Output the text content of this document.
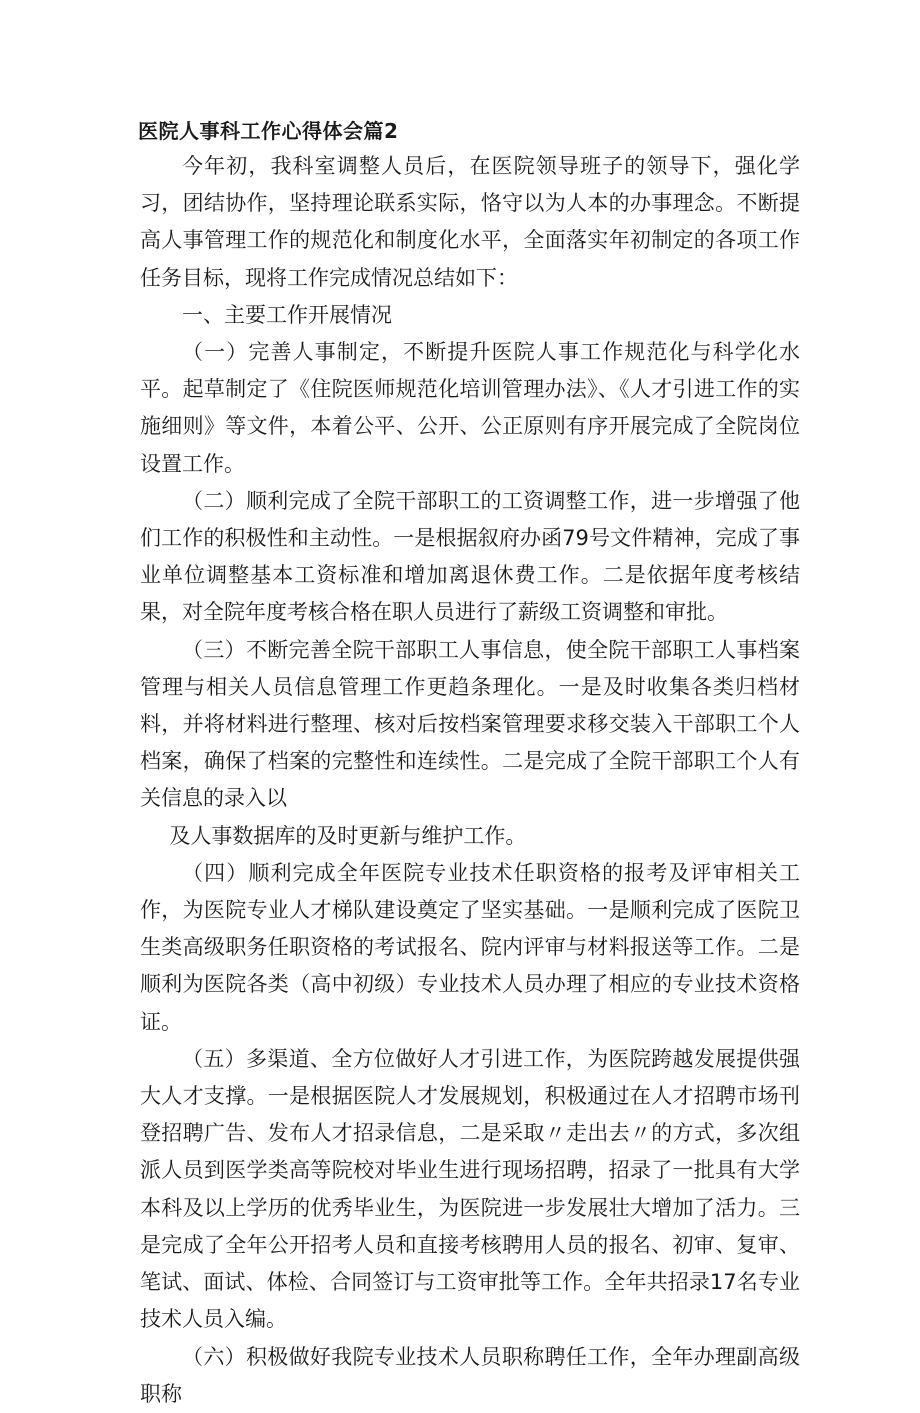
医院人事科工作心得体会篇2

今年初，我科室调整人员后，在医院领导班子的领导下，强化学习，团结协作，坚持理论联系实际，恪守以为人本的办事理念。不断提高人事管理工作的规范化和制度化水平，全面落实年初制定的各项工作任务目标，现将工作完成情况总结如下：

一、主要工作开展情况

（一）完善人事制定，不断提升医院人事工作规范化与科学化水平。起草制定了《住院医师规范化培训管理办法》、《人才引进工作的实施细则》等文件，本着公平、公开、公正原则有序开展完成了全院岗位设置工作。

（二）顺利完成了全院干部职工的工资调整工作，进一步增强了他们工作的积极性和主动性。一是根据叙府办函79号文件精神，完成了事业单位调整基本工资标准和增加离退休费工作。二是依据年度考核结果，对全院年度考核合格在职人员进行了薪级工资调整和审批。

（三）不断完善全院干部职工人事信息，使全院干部职工人事档案管理与相关人员信息管理工作更趋条理化。一是及时收集各类归档材料，并将材料进行整理、核对后按档案管理要求移交装入干部职工个人档案，确保了档案的完整性和连续性。二是完成了全院干部职工个人有关信息的录入以

及人事数据库的及时更新与维护工作。

（四）顺利完成全年医院专业技术任职资格的报考及评审相关工作，为医院专业人才梯队建设奠定了坚实基础。一是顺利完成了医院卫生类高级职务任职资格的考试报名、院内评审与材料报送等工作。二是顺利为医院各类（高中初级）专业技术人员办理了相应的专业技术资格证。

（五）多渠道、全方位做好人才引进工作，为医院跨越发展提供强大人才支撑。一是根据医院人才发展规划，积极通过在人才招聘市场刊登招聘广告、发布人才招录信息，二是采取〃走出去〃的方式，多次组派人员到医学类高等院校对毕业生进行现场招聘，招录了一批具有大学本科及以上学历的优秀毕业生，为医院进一步发展壮大增加了活力。三是完成了全年公开招考人员和直接考核聘用人员的报名、初审、复审、笔试、面试、体检、合同签订与工资审批等工作。全年共招录17名专业技术人员入编。

（六）积极做好我院专业技术人员职称聘任工作，全年办理副高级职称
